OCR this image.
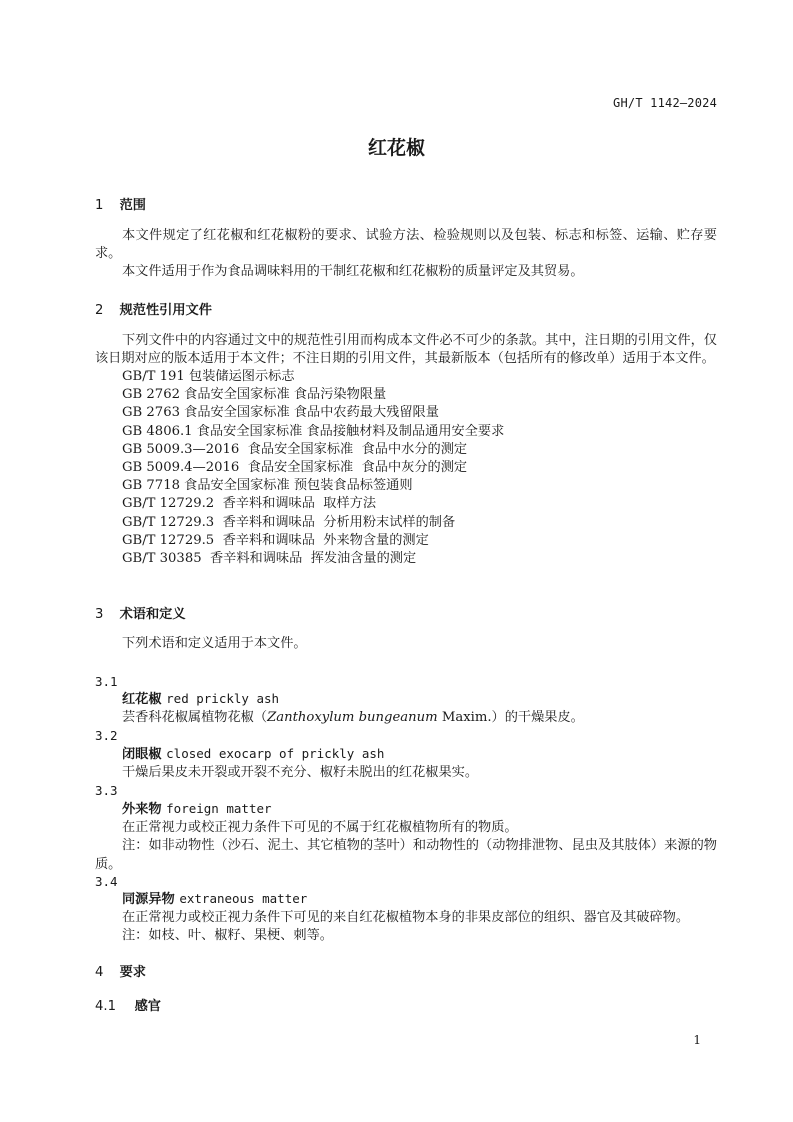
GH/T 1142—2024
红花椒
1 范围

本文件规定了红花椒和红花椒粉的要求、试验方法、检验规则以及包装、标志和标签、运输、贮存要求。

本文件适用于作为食品调味料用的干制红花椒和红花椒粉的质量评定及其贸易。

2 规范性引用文件

下列文件中的内容通过文中的规范性引用而构成本文件必不可少的条款。其中，注日期的引用文件，仅该日期对应的版本适用于本文件；不注日期的引用文件，其最新版本（包括所有的修改单）适用于本文件。

GB/T 191 包装储运图示标志

GB 2762 食品安全国家标准 食品污染物限量

GB 2763 食品安全国家标准 食品中农药最大残留限量

GB 4806.1 食品安全国家标准 食品接触材料及制品通用安全要求

GB 5009.3—2016  食品安全国家标准  食品中水分的测定

GB 5009.4—2016  食品安全国家标准  食品中灰分的测定

GB 7718 食品安全国家标准 预包装食品标签通则

GB/T 12729.2  香辛料和调味品  取样方法

GB/T 12729.3  香辛料和调味品  分析用粉末试样的制备

GB/T 12729.5  香辛料和调味品  外来物含量的测定

GB/T 30385  香辛料和调味品  挥发油含量的测定

3 术语和定义

下列术语和定义适用于本文件。

3.1

红花椒 red prickly ash

芸香科花椒属植物花椒（Zanthoxylum bungeanum Maxim.）的干燥果皮。

3.2

闭眼椒 closed exocarp of prickly ash

干燥后果皮未开裂或开裂不充分、椒籽未脱出的红花椒果实。

3.3

外来物 foreign matter

在正常视力或校正视力条件下可见的不属于红花椒植物所有的物质。

注：如非动物性（沙石、泥土、其它植物的茎叶）和动物性的（动物排泄物、昆虫及其肢体）来源的物质。

3.4

同源异物 extraneous matter

在正常视力或校正视力条件下可见的来自红花椒植物本身的非果皮部位的组织、器官及其破碎物。

注：如枝、叶、椒籽、果梗、刺等。

4 要求
4.1 感官
1
